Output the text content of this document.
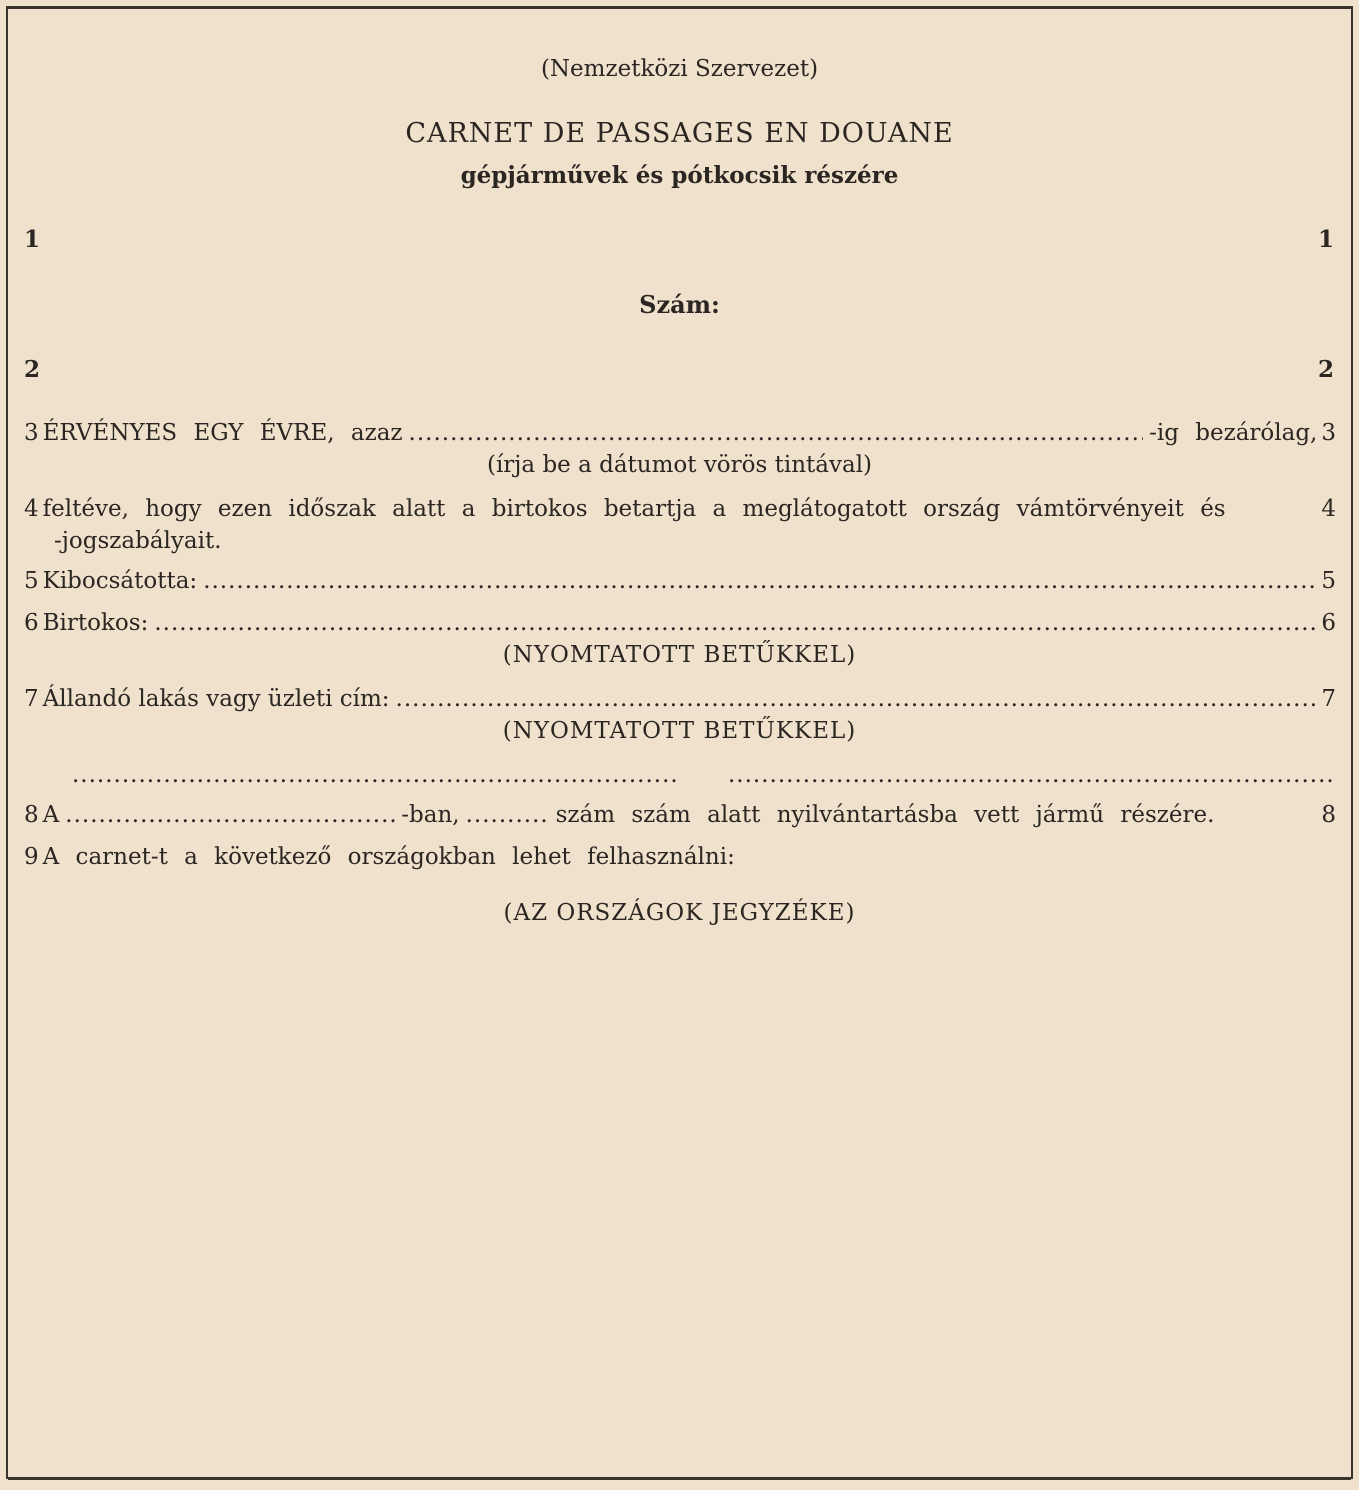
(Nemzetközi Szervezet)
CARNET DE PASSAGES EN DOUANE
gépjárművek és pótkocsik részére
1	1
Szám:
2	2
3 ÉRVÉNYES EGY ÉVRE, azaz .....	-ig bezárólag, 3
(írja be a dátumot vörös tintával)
4 feltéve, hogy ezen időszak alatt a birtokos betartja a meglátogatott ország vámtörvényeit és	4
-jogszabályait.
5 Kibocsátotta: .....	5
6 Birtokos: .....	6
(NYOMTATOTT BETŰKKEL)
7 Állandó lakás vagy üzleti cím: .....	7
(NYOMTATOTT BETŰKKEL)
.....
.....
8 A .....	-ban, .....	szám szám alatt nyilvántartásba vett jármű részére.	8
9 A carnet-t a következő országokban lehet felhasználni:
(AZ ORSZÁGOK JEGYZÉKE)
